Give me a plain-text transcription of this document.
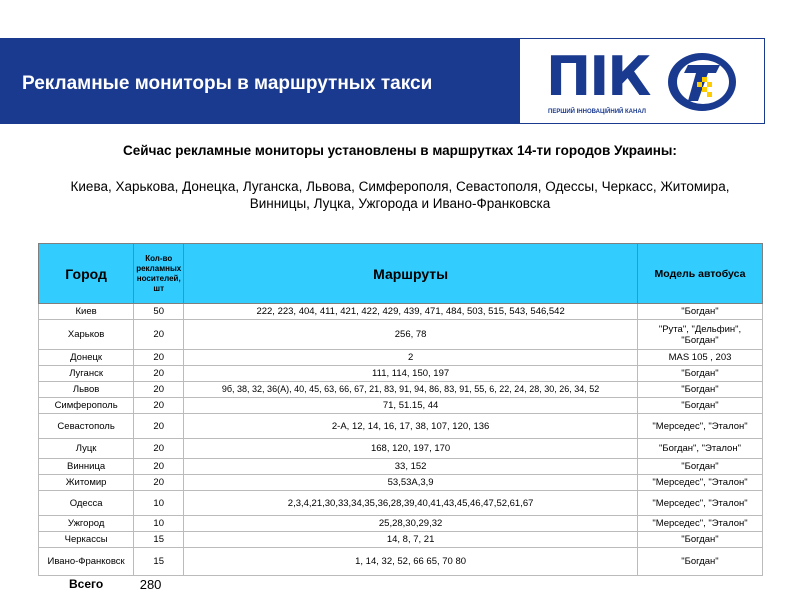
Рекламные мониторы в маршрутных такси ПІК
ПЕРШИЙ ІННОВАЦІЙНИЙ КАНАЛ
Сейчас рекламные мониторы установлены в маршрутках 14-ти городов Украины:
Киева, Харькова, Донецка, Луганска, Львова, Симферополя, Севастополя, Одессы, Черкасс, Житомира, Винницы, Луцка, Ужгорода и Ивано-Франковска
Город	Кол-во рекламных носителей, шт	Маршруты	Модель автобуса
Киев	50	222, 223, 404, 411, 421, 422, 429, 439, 471, 484, 503, 515, 543, 546,542	"Богдан"
Харьков	20	256, 78	"Рута", "Дельфин", "Богдан"
Донецк	20	2	MAS 105 , 203
Луганск	20	111, 114, 150, 197	"Богдан"
Львов	20	9б, 38, 32, 36(А), 40, 45, 63, 66, 67, 21, 83, 91, 94, 86, 83, 91, 55, 6, 22, 24, 28, 30, 26, 34, 52	"Богдан"
Симферополь	20	71, 51.15, 44	"Богдан"
Севастополь	20	2-А, 12, 14, 16, 17, 38, 107, 120, 136	"Мерседес", "Эталон"
Луцк	20	168, 120, 197, 170	"Богдан", "Эталон"
Винница	20	33, 152	"Богдан"
Житомир	20	53,53А,3,9	"Мерседес", "Эталон"
Одесса	10	2,3,4,21,30,33,34,35,36,28,39,40,41,43,45,46,47,52,61,67	"Мерседес", "Эталон"
Ужгород	10	25,28,30,29,32	"Мерседес", "Эталон"
Черкассы	15	14, 8, 7, 21	"Богдан"
Ивано-Франковск	15	1, 14, 32, 52, 66 65, 70 80	"Богдан"
Всего	280		
